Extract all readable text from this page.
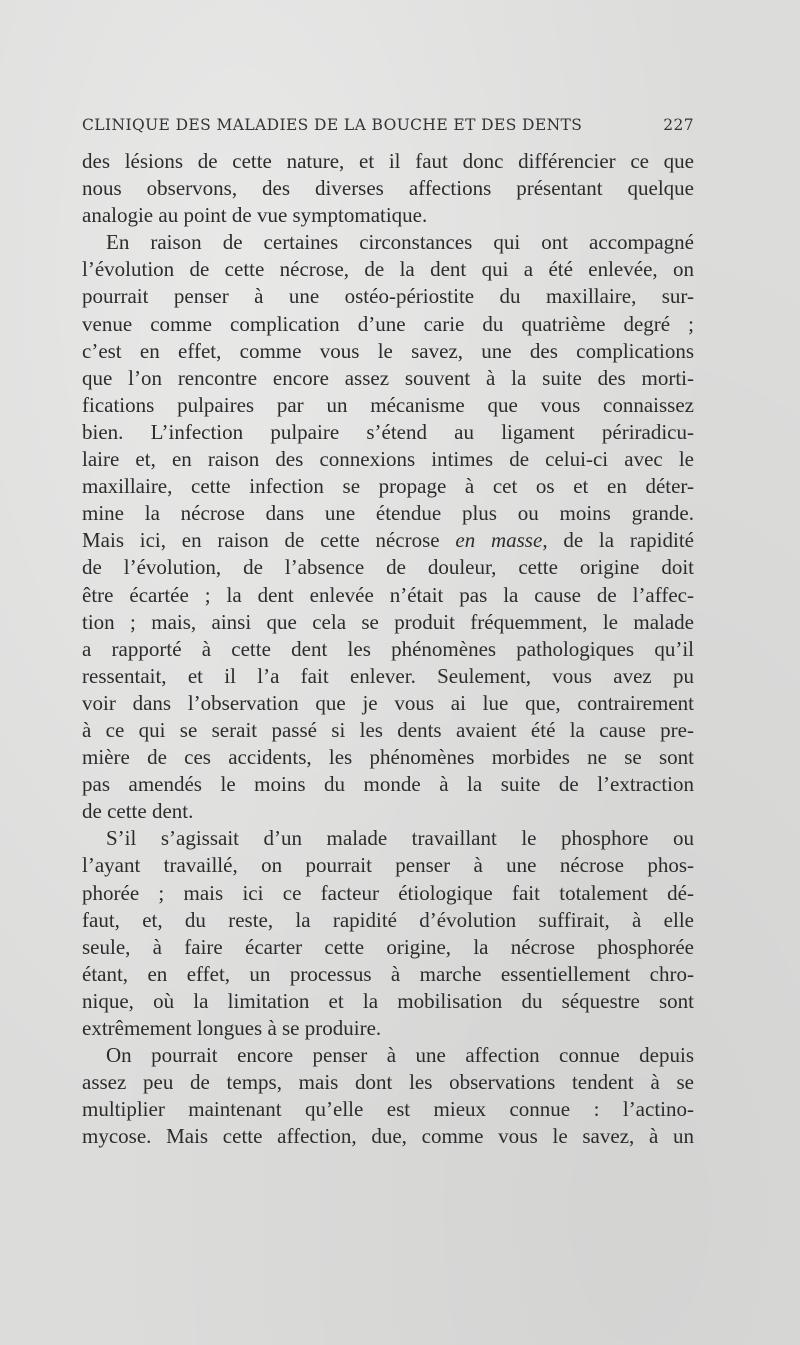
CLINIQUE DES MALADIES DE LA BOUCHE ET DES DENTS	227
des lésions de cette nature, et il faut donc différencier ce que
nous observons, des diverses affections présentant quelque
analogie au point de vue symptomatique.
En raison de certaines circonstances qui ont accompagné
l’évolution de cette nécrose, de la dent qui a été enlevée, on
pourrait penser à une ostéo-périostite du maxillaire, sur-
venue comme complication d’une carie du quatrième degré ;
c’est en effet, comme vous le savez, une des complications
que l’on rencontre encore assez souvent à la suite des morti-
fications pulpaires par un mécanisme que vous connaissez
bien. L’infection pulpaire s’étend au ligament périradicu-
laire et, en raison des connexions intimes de celui-ci avec le
maxillaire, cette infection se propage à cet os et en déter-
mine la nécrose dans une étendue plus ou moins grande.
Mais ici, en raison de cette nécrose en masse, de la rapidité
de l’évolution, de l’absence de douleur, cette origine doit
être écartée ; la dent enlevée n’était pas la cause de l’affec-
tion ; mais, ainsi que cela se produit fréquemment, le malade
a rapporté à cette dent les phénomènes pathologiques qu’il
ressentait, et il l’a fait enlever. Seulement, vous avez pu
voir dans l’observation que je vous ai lue que, contrairement
à ce qui se serait passé si les dents avaient été la cause pre-
mière de ces accidents, les phénomènes morbides ne se sont
pas amendés le moins du monde à la suite de l’extraction
de cette dent.
S’il s’agissait d’un malade travaillant le phosphore ou
l’ayant travaillé, on pourrait penser à une nécrose phos-
phorée ; mais ici ce facteur étiologique fait totalement dé-
faut, et, du reste, la rapidité d’évolution suffirait, à elle
seule, à faire écarter cette origine, la nécrose phosphorée
étant, en effet, un processus à marche essentiellement chro-
nique, où la limitation et la mobilisation du séquestre sont
extrêmement longues à se produire.
On pourrait encore penser à une affection connue depuis
assez peu de temps, mais dont les observations tendent à se
multiplier maintenant qu’elle est mieux connue : l’actino-
mycose. Mais cette affection, due, comme vous le savez, à un
